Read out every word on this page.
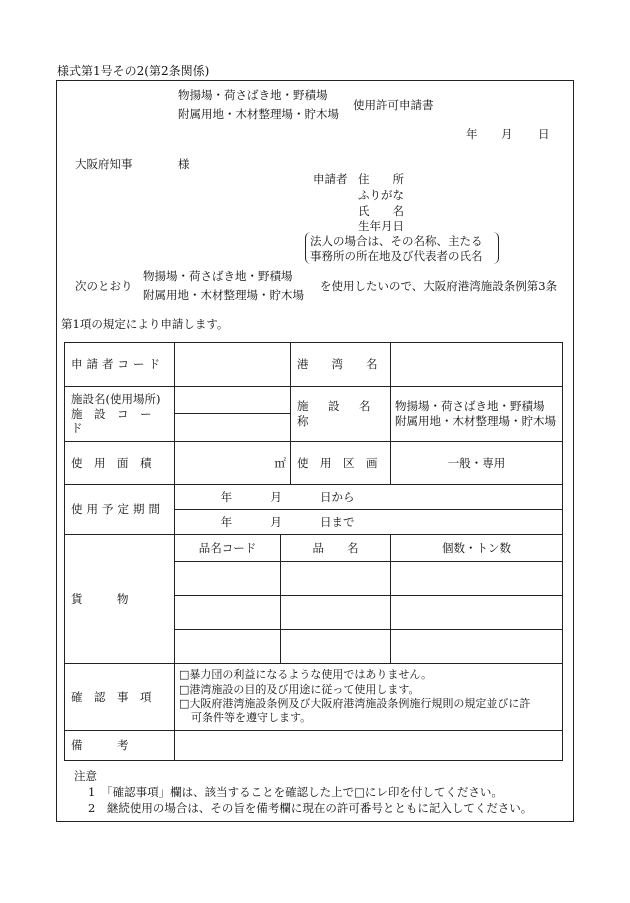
様式第1号その2(第2条関係)
物揚場・荷さばき地・野積場
附属用地・木材整理場・貯木場
使用許可申請書
年 月 日
大阪府知事	様
申請者 住　　所
ふりがな
氏　　名
生年月日
法人の場合は、その名称、主たる
事務所の所在地及び代表者の氏名
次のとおり
物揚場・荷さばき地・野積場
附属用地・木材整理場・貯木場
を使用したいので、大阪府港湾施設条例第3条
第1項の規定により申請します。
申請者コード			港　　湾　　名	

施設名(使用場所)
施　設　コ　ー　ド			施　設　名　称	物揚場・荷さばき地・野積場
附属用地・木材整理場・貯木場

使　用　面　積	㎡		使　用　区　画	一般・専用
使用予定期間	年 月 日から			
	年 月 日まで			
貨　　　物	品名コード	品　　名		個数・トン数

確　認　事　項	□暴力団の利益になるような使用ではありません。
□港湾施設の目的及び用途に従って使用します。
□大阪府港湾施設条例及び大阪府港湾施設条例施行規則の規定並びに許
可条件等を遵守します。			

備　　　考				
注意
1　「確認事項」欄は、該当することを確認した上で□にレ印を付してください。
2　継続使用の場合は、その旨を備考欄に現在の許可番号とともに記入してください。
